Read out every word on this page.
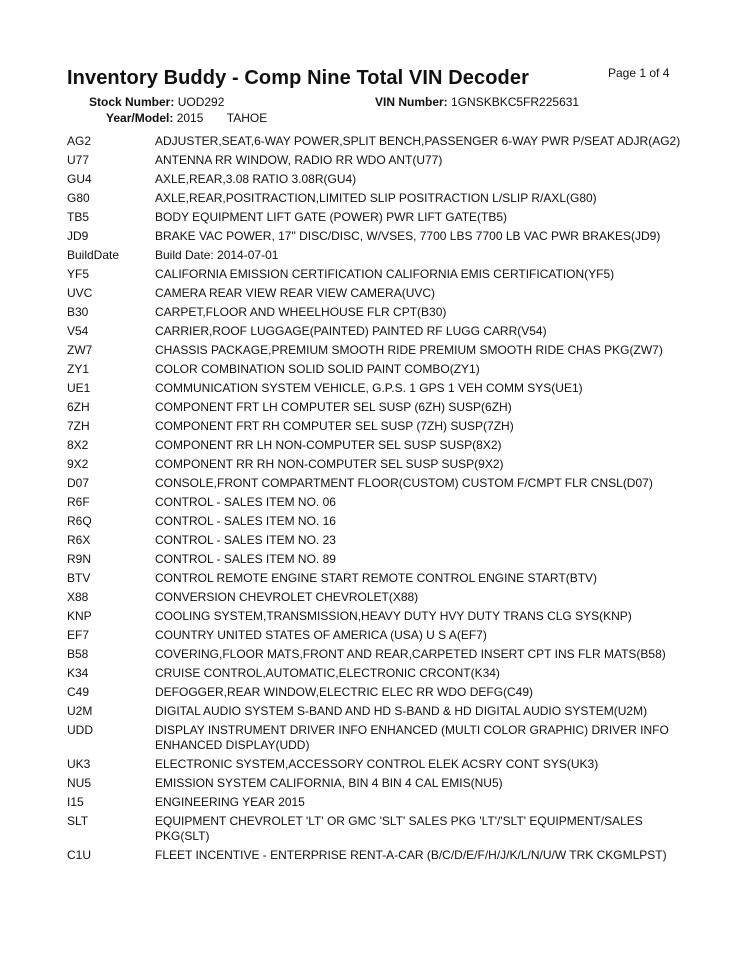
Inventory Buddy - Comp Nine Total VIN Decoder	Page 1 of 4
Stock Number: UOD292	VIN Number: 1GNSKBKC5FR225631
Year/Model: 2015 TAHOE
AG2	ADJUSTER,SEAT,6-WAY POWER,SPLIT BENCH,PASSENGER 6-WAY PWR P/SEAT ADJR(AG2)
U77	ANTENNA RR WINDOW, RADIO RR WDO ANT(U77)
GU4	AXLE,REAR,3.08 RATIO 3.08R(GU4)
G80	AXLE,REAR,POSITRACTION,LIMITED SLIP POSITRACTION L/SLIP R/AXL(G80)
TB5	BODY EQUIPMENT LIFT GATE (POWER) PWR LIFT GATE(TB5)
JD9	BRAKE VAC POWER, 17" DISC/DISC, W/VSES, 7700 LBS 7700 LB VAC PWR BRAKES(JD9)
BuildDate	Build Date: 2014-07-01
YF5	CALIFORNIA EMISSION CERTIFICATION CALIFORNIA EMIS CERTIFICATION(YF5)
UVC	CAMERA REAR VIEW REAR VIEW CAMERA(UVC)
B30	CARPET,FLOOR AND WHEELHOUSE FLR CPT(B30)
V54	CARRIER,ROOF LUGGAGE(PAINTED) PAINTED RF LUGG CARR(V54)
ZW7	CHASSIS PACKAGE,PREMIUM SMOOTH RIDE PREMIUM SMOOTH RIDE CHAS PKG(ZW7)
ZY1	COLOR COMBINATION SOLID SOLID PAINT COMBO(ZY1)
UE1	COMMUNICATION SYSTEM VEHICLE, G.P.S. 1 GPS 1 VEH COMM SYS(UE1)
6ZH	COMPONENT FRT LH COMPUTER SEL SUSP (6ZH) SUSP(6ZH)
7ZH	COMPONENT FRT RH COMPUTER SEL SUSP (7ZH) SUSP(7ZH)
8X2	COMPONENT RR LH NON-COMPUTER SEL SUSP SUSP(8X2)
9X2	COMPONENT RR RH NON-COMPUTER SEL SUSP SUSP(9X2)
D07	CONSOLE,FRONT COMPARTMENT FLOOR(CUSTOM) CUSTOM F/CMPT FLR CNSL(D07)
R6F	CONTROL - SALES ITEM NO. 06
R6Q	CONTROL - SALES ITEM NO. 16
R6X	CONTROL - SALES ITEM NO. 23
R9N	CONTROL - SALES ITEM NO. 89
BTV	CONTROL REMOTE ENGINE START REMOTE CONTROL ENGINE START(BTV)
X88	CONVERSION CHEVROLET CHEVROLET(X88)
KNP	COOLING SYSTEM,TRANSMISSION,HEAVY DUTY HVY DUTY TRANS CLG SYS(KNP)
EF7	COUNTRY UNITED STATES OF AMERICA (USA) U S A(EF7)
B58	COVERING,FLOOR MATS,FRONT AND REAR,CARPETED INSERT CPT INS FLR MATS(B58)
K34	CRUISE CONTROL,AUTOMATIC,ELECTRONIC CRCONT(K34)
C49	DEFOGGER,REAR WINDOW,ELECTRIC ELEC RR WDO DEFG(C49)
U2M	DIGITAL AUDIO SYSTEM S-BAND AND HD S-BAND & HD DIGITAL AUDIO SYSTEM(U2M)
UDD	DISPLAY INSTRUMENT DRIVER INFO ENHANCED (MULTI COLOR GRAPHIC) DRIVER INFO ENHANCED DISPLAY(UDD)
UK3	ELECTRONIC SYSTEM,ACCESSORY CONTROL ELEK ACSRY CONT SYS(UK3)
NU5	EMISSION SYSTEM CALIFORNIA, BIN 4 BIN 4 CAL EMIS(NU5)
I15	ENGINEERING YEAR 2015
SLT	EQUIPMENT CHEVROLET 'LT' OR GMC 'SLT' SALES PKG 'LT'/'SLT' EQUIPMENT/SALES PKG(SLT)
C1U	FLEET INCENTIVE - ENTERPRISE RENT-A-CAR (B/C/D/E/F/H/J/K/L/N/U/W TRK CKGMLPST)
